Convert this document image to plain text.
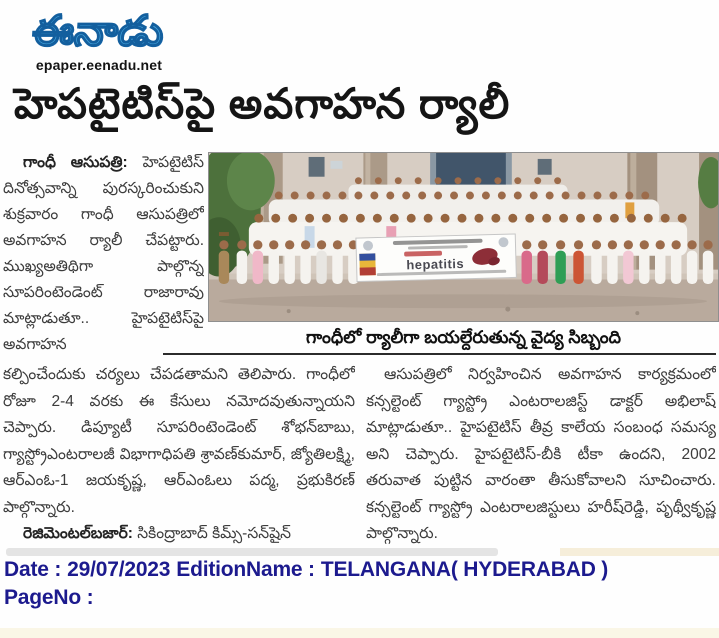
ఈనాడు
epaper.eenadu.net
హెపటైటిస్‌పై అవగాహన ర్యాలీ

గాంధీ ఆసుపత్రి: హెపటైటిస్ దినోత్సవాన్ని పురస్కరించుకుని శుక్రవారం గాంధీ ఆసుపత్రిలో అవగాహన ర్యాలీ చేపట్టారు. ముఖ్యఅతిథిగా పాల్గొన్న సూపరింటెండెంట్ రాజారావు మాట్లాడుతూ.. హైపటైటిస్‌పై అవగాహన

hepatitis
గాంధీలో ర్యాలీగా బయల్దేరుతున్న వైద్య సిబ్బంది

కల్పించేందుకు చర్యలు చేపడతామని తెలిపారు. గాంధీలో రోజూ 2-4 వరకు ఈ కేసులు నమోదవుతున్నాయని చెప్పారు. డిప్యూటీ సూపరింటెండెంట్ శోభన్‌బాబు, గ్యాస్ట్రోఎంటరాలజీ విభాగాధిపతి శ్రావణ్‌కుమార్, జ్యోతిలక్ష్మి, ఆర్ఎంఓ-1 జయకృష్ణ, ఆర్ఎంఓలు పద్మ, ప్రభుకిరణ్ పాల్గొన్నారు.

రెజిమెంటల్‌బజార్: సికింద్రాబాద్ కిమ్స్-సన్‌షైన్

ఆసుపత్రిలో నిర్వహించిన అవగాహన కార్యక్రమంలో కన్సల్టెంట్ గ్యాస్ట్రో ఎంటరాలజిస్ట్ డాక్టర్ అభిలాష్ మాట్లాడుతూ.. హైపటైటిస్ తీవ్ర కాలేయ సంబంధ సమస్య అని చెప్పారు. హైపటైటిస్-బీకి టీకా ఉందని, 2002 తరువాత పుట్టిన వారంతా తీసుకోవాలని సూచించారు. కన్సల్టెంట్ గ్యాస్ట్రో ఎంటరాలజిస్టులు హరీష్‌రెడ్డి, పృథ్వీకృష్ణ పాల్గొన్నారు.

Date : 29/07/2023 EditionName : TELANGANA( HYDERABAD )
PageNo :
